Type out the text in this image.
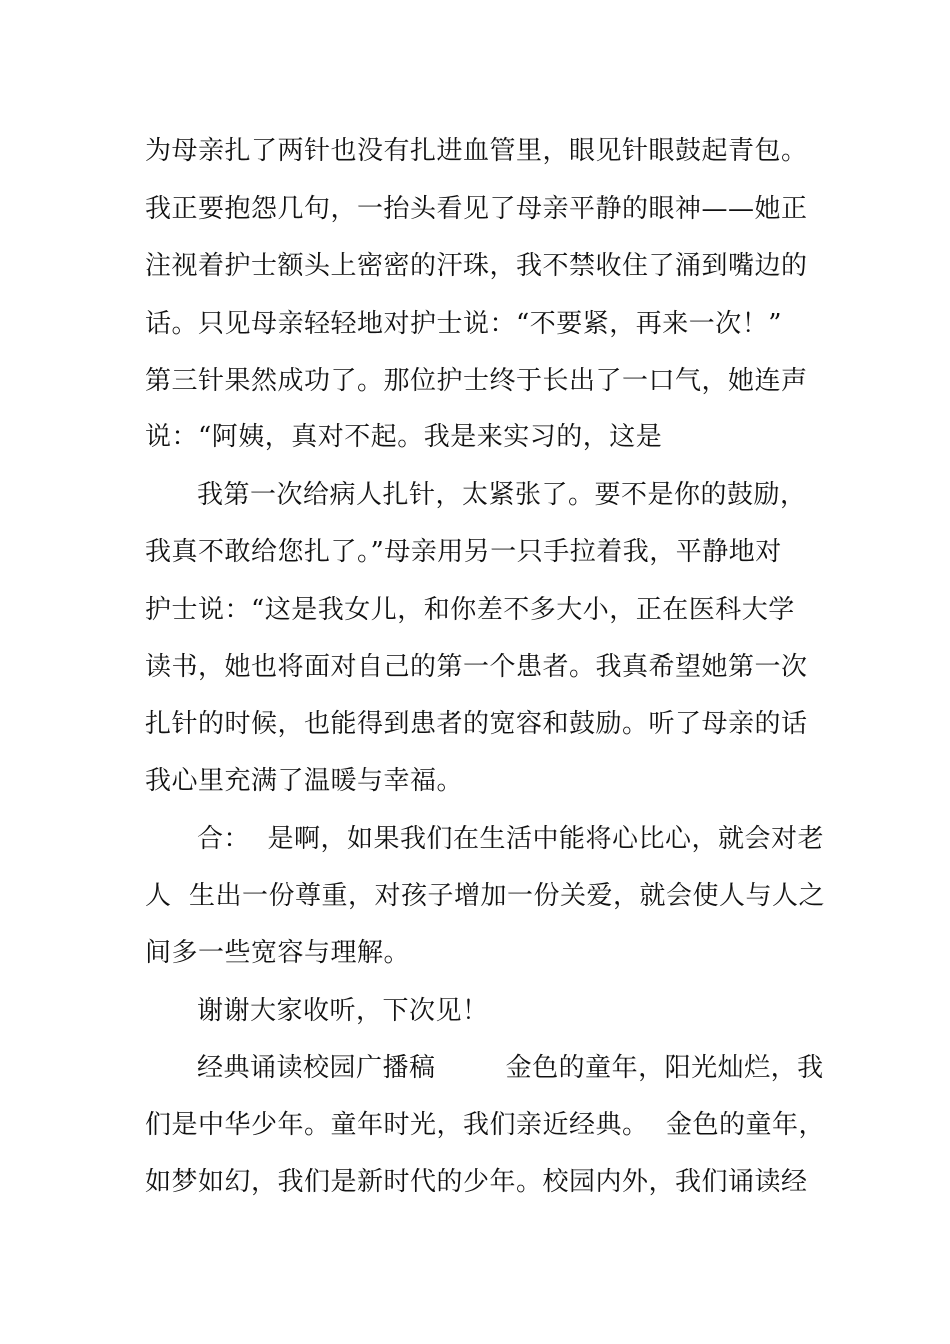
为母亲扎了两针也没有扎进血管里，眼见针眼鼓起青包。
我正要抱怨几句，一抬头看见了母亲平静的眼神——她正
注视着护士额头上密密的汗珠，我不禁收住了涌到嘴边的
话。只见母亲轻轻地对护士说：“不要紧，再来一次！”
第三针果然成功了。那位护士终于长出了一口气，她连声
说：“阿姨，真对不起。我是来实习的，这是
我第一次给病人扎针，太紧张了。要不是你的鼓励，
我真不敢给您扎了。”母亲用另一只手拉着我，平静地对
护士说：“这是我女儿，和你差不多大小，正在医科大学
读书，她也将面对自己的第一个患者。我真希望她第一次
扎针的时候，也能得到患者的宽容和鼓励。听了母亲的话
我心里充满了温暖与幸福。
合：  是啊，如果我们在生活中能将心比心，就会对老
人  生出一份尊重，对孩子增加一份关爱，就会使人与人之
间多一些宽容与理解。
谢谢大家收听，下次见！
经典诵读校园广播稿        金色的童年，阳光灿烂，我
们是中华少年。童年时光，我们亲近经典。  金色的童年，
如梦如幻，我们是新时代的少年。校园内外，我们诵读经
